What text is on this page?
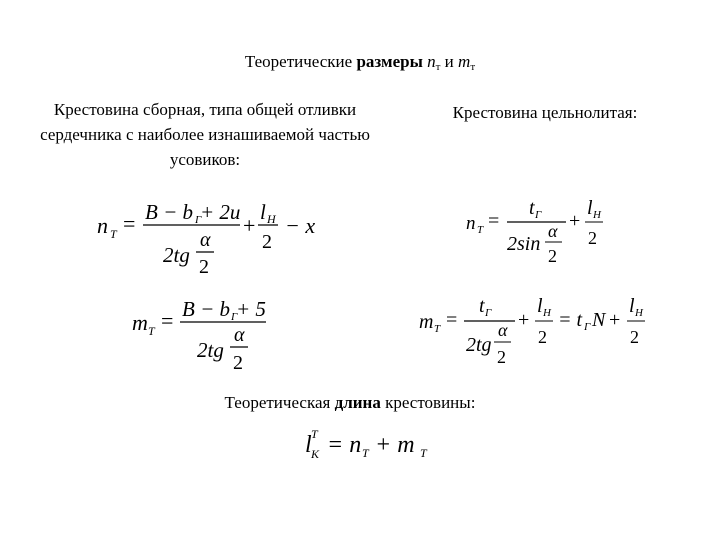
Теоретические размеры $n_т$ и $m_т$
Крестовина сборная, типа общей отливки сердечника с наиболее изнашиваемой частью усовиков:
Крестовина цельнолитая:
Теоретическая длина крестовины:
n T = B − b Γ
+ 2u
2tg
α
2
+
l H
2
− x
m T = B − b Γ
+ 5
2tg
α
2
n T =
t Γ
2sin
α
2
+
l H
2
m T =
t Γ
2tg
α
2
+
l H
2
= t Γ N +
l H
2
l T
K = n T + m T
